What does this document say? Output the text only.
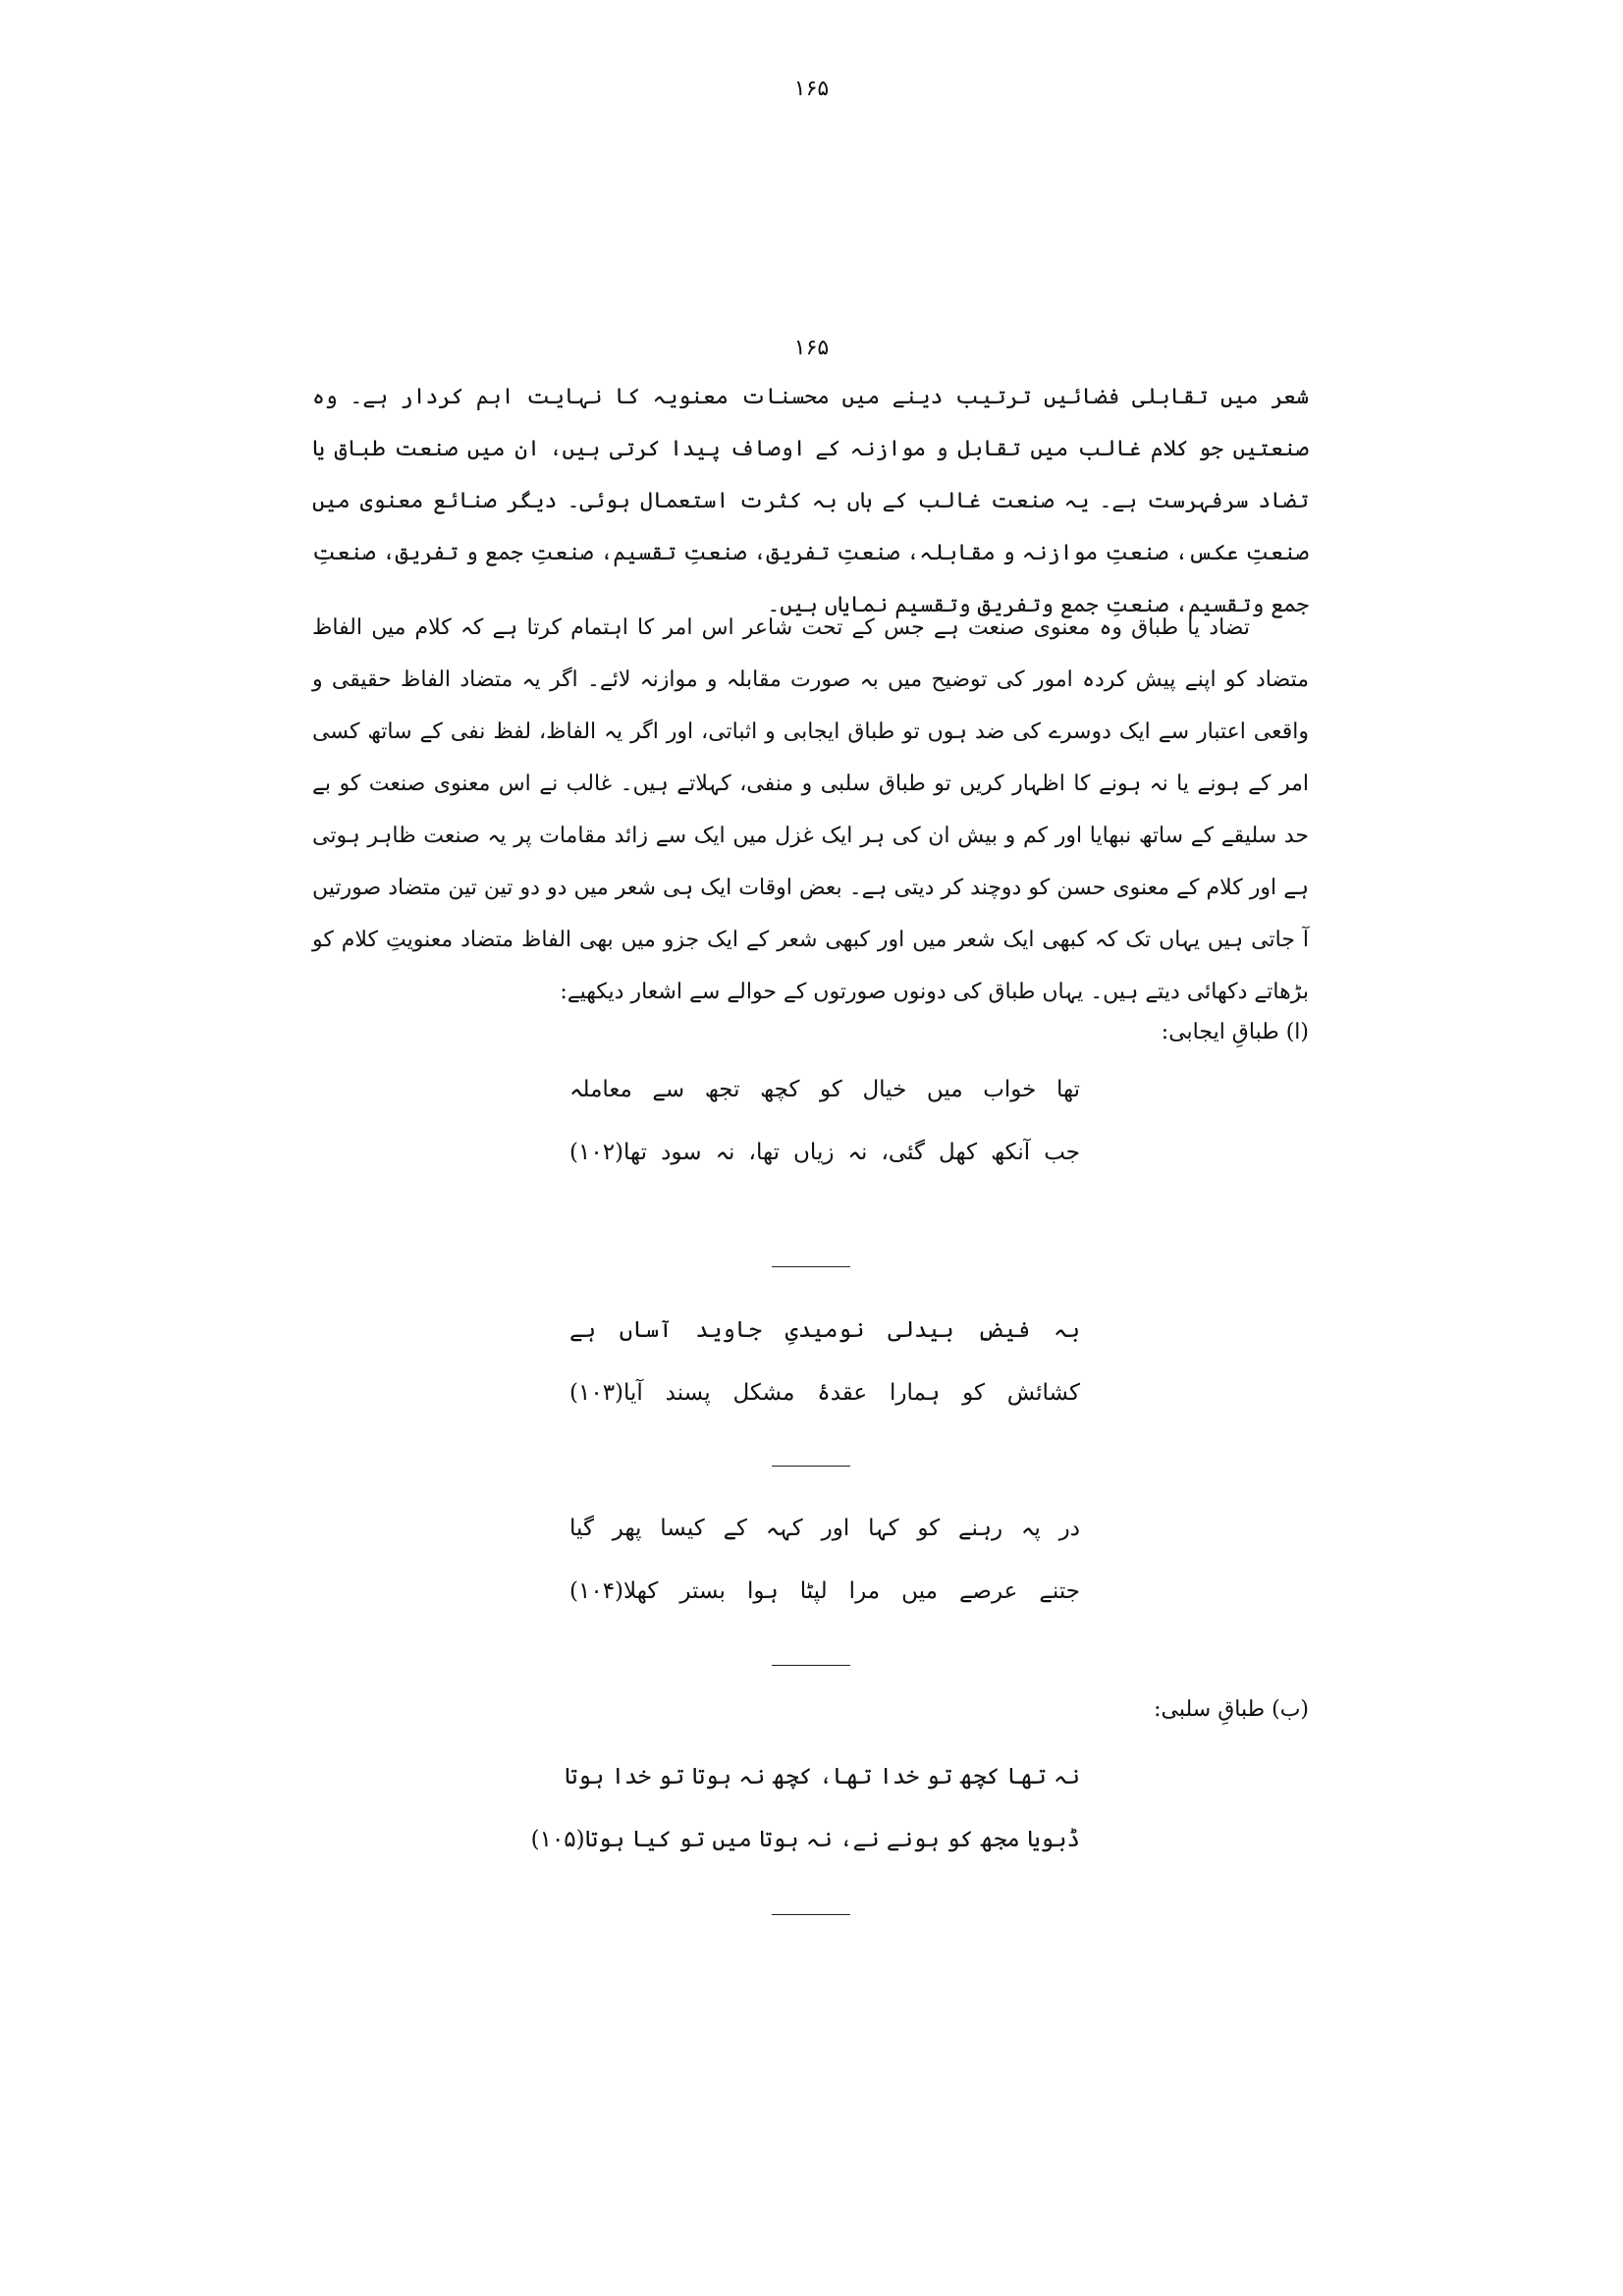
۱۶۵
۱۶۵

شعر میں تقابلی فضائیں ترتیب دینے میں محسنات معنویہ کا نہایت اہم کردار ہے۔ وہ صنعتیں جو کلام غالب میں تقابل و موازنہ کے اوصاف پیدا کرتی ہیں، ان میں صنعت طباق یا تضاد سرفہرست ہے۔ یہ صنعت غالب کے ہاں بہ کثرت استعمال ہوئی۔ دیگر صنائع معنوی میں صنعتِ عکس، صنعتِ موازنہ و مقابلہ، صنعتِ تفریق، صنعتِ تقسیم، صنعتِ جمع و تفریق، صنعتِ جمع وتقسیم، صنعتِ جمع وتفریق وتقسیم نمایاں ہیں۔

تضاد یا طباق وہ معنوی صنعت ہے جس کے تحت شاعر اس امر کا اہتمام کرتا ہے کہ کلام میں الفاظ متضاد کو اپنے پیش کردہ امور کی توضیح میں بہ صورت مقابلہ و موازنہ لائے۔ اگر یہ متضاد الفاظ حقیقی و واقعی اعتبار سے ایک دوسرے کی ضد ہوں تو طباق ایجابی و اثباتی، اور اگر یہ الفاظ، لفظ نفی کے ساتھ کسی امر کے ہونے یا نہ ہونے کا اظہار کریں تو طباق سلبی و منفی، کہلاتے ہیں۔ غالب نے اس معنوی صنعت کو بے حد سلیقے کے ساتھ نبھایا اور کم و بیش ان کی ہر ایک غزل میں ایک سے زائد مقامات پر یہ صنعت ظاہر ہوتی ہے اور کلام کے معنوی حسن کو دوچند کر دیتی ہے۔ بعض اوقات ایک ہی شعر میں دو دو تین تین متضاد صورتیں آ جاتی ہیں یہاں تک کہ کبھی ایک شعر میں اور کبھی شعر کے ایک جزو میں بھی الفاظ متضاد معنویتِ کلام کو بڑھاتے دکھائی دیتے ہیں۔ یہاں طباق کی دونوں صورتوں کے حوالے سے اشعار دیکھیے:

(ا) طباقِ ایجابی:
تھا خواب میں خیال کو کچھ تجھ سے معاملہ
جب آنکھ کھل گئی، نہ زیاں تھا، نہ سود تھا(۱۰۲)
بہ فیضِ بیدلی نومیدیِ جاوید آساں ہے
کشائش کو ہمارا عقدۂ مشکل پسند آیا(۱۰۳)
در پہ رہنے کو کہا اور کہہ کے کیسا پھر گیا
جتنے عرصے میں مرا لپٹا ہوا بستر کھلا(۱۰۴)
(ب) طباقِ سلبی:
نہ تھا کچھ تو خدا تھا، کچھ نہ ہوتا تو خدا ہوتا
ڈبویا مجھ کو ہونے نے، نہ ہوتا میں تو کیا ہوتا(۱۰۵)
